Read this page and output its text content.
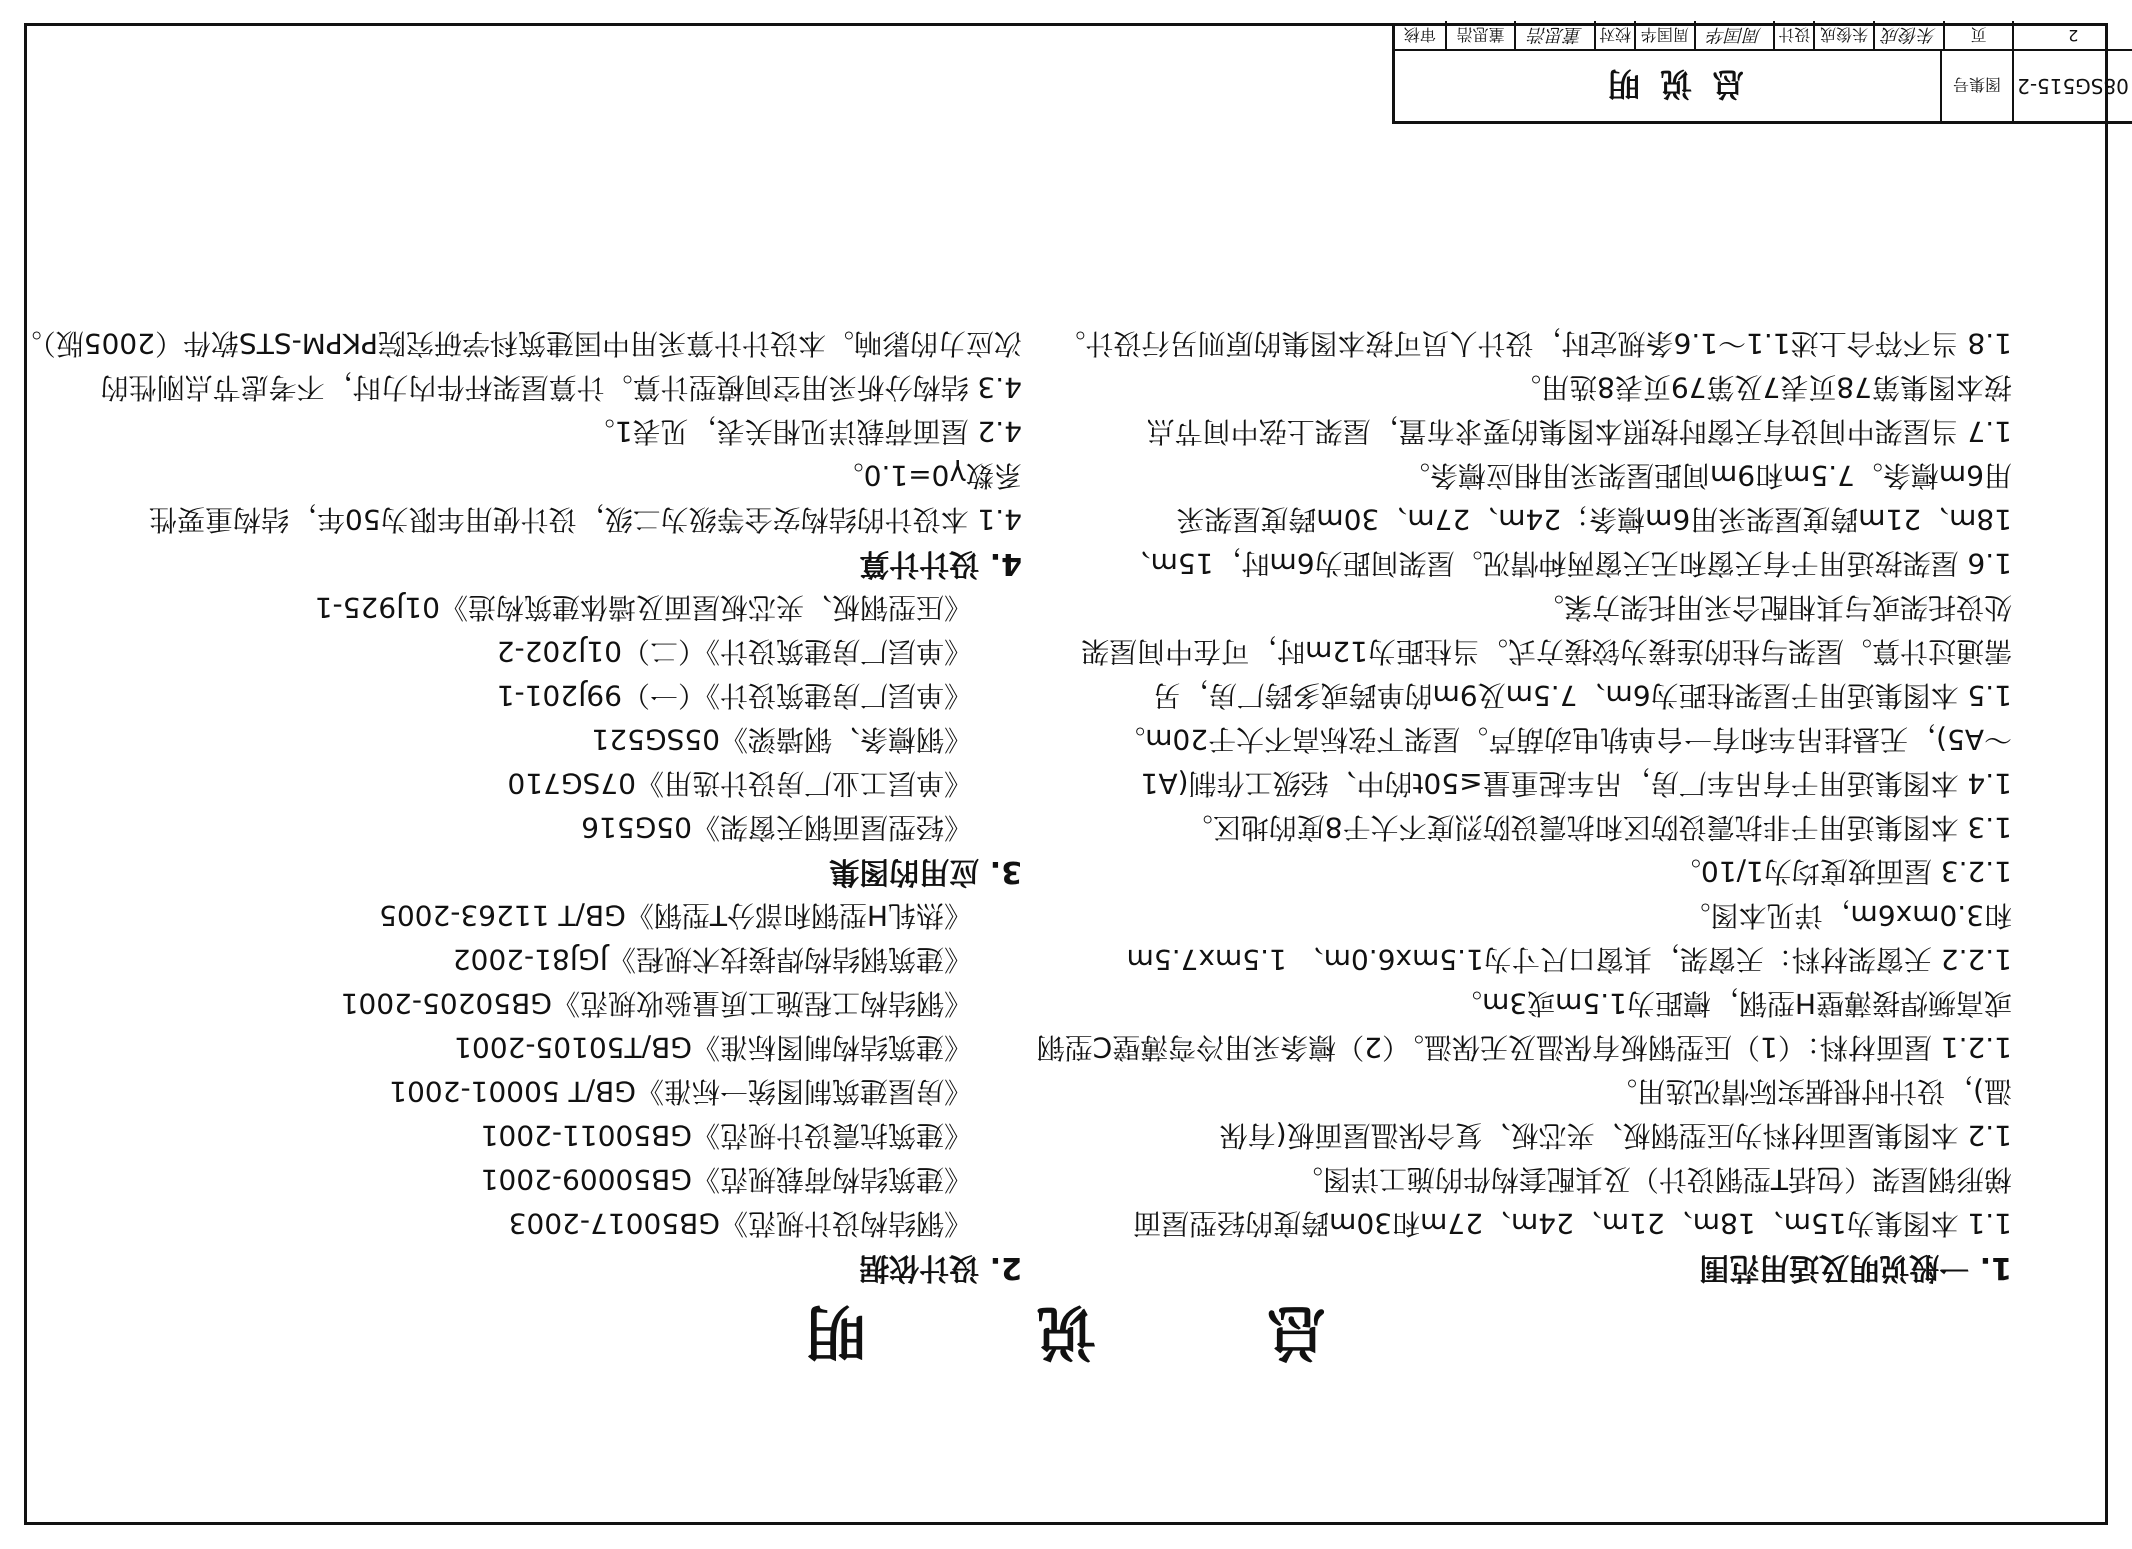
总说明
1. 一般说明及适用范围
1.1 本图集为15m、18m、21m、24m、27m和30m跨度的轻型屋面
梯形钢屋架（包括T型钢设计）及其配套构件的施工详图。
1.2 本图集屋面材料为压型钢板、夹芯板、复合保温屋面板(有保
温)，设计时根据实际情况选用。
1.2.1 屋面材料：（1）压型钢板有保温及无保温。（2）檩条采用冷弯薄壁C型钢
或高频焊接薄壁H型钢，檩距为1.5m或3m。
1.2.2 天窗架材料：天窗架，其窗口尺寸为1.5mx6.0m、 1.5mx7.5m
和3.0mx6m，详见本图。
1.2.3 屋面坡度均为1/10。
1.3 本图集适用于非抗震设防区和抗震设防烈度不大于8度的地区。
1.4 本图集适用于有吊车厂房，吊车起重量≤50t的中、轻级工作制(A1
～A5)，无悬挂吊车和有一台单轨电动葫芦。屋架下弦标高不大于20m。
1.5 本图集适用于屋架柱距为6m、7.5m及9m的单跨或多跨厂房，另
需通过计算。屋架与柱的连接为铰接方式。当柱距为12m时，可在中间屋架
处设托架或与其相配合采用托架方案。
1.6 屋架按适用于有天窗和无天窗两种情况。屋架间距为6m时，15m、
18m、21m跨度屋架采用6m檩条；24m、27m、30m跨度屋架采
用6m檩条。7.5m和9m间距屋架采用相应檩条。
1.7 当屋架中间设有天窗时按照本图集的要求布置，屋架上弦中间节点
按本图集第78页表7及第79页表8选用。
1.8 当不符合上述1.1～1.6条规定时，设计人员可按本图集的原则另行设计。
2. 设计依据
《钢结构设计规范》GB50017-2003
《建筑结构荷载规范》GB50009-2001
《建筑抗震设计规范》GB50011-2001
《房屋建筑制图统一标准》GB/T 50001-2001
《建筑结构制图标准》GB/T50105-2001
《钢结构工程施工质量验收规范》GB50205-2001
《建筑钢结构焊接技术规程》JGJ81-2002
《热轧H型钢和部分T型钢》GB/T 11263-2005
3. 应用的图集
《轻型屋面钢天窗架》05G516
《单层工业厂房设计选用》07SG710
《钢檩条、钢墙梁》05SG521
《单层厂房建筑设计》（一）99J201-1
《单层厂房建筑设计》（二）01J202-2
《压型钢板、夹芯板屋面及墙体建筑构造》01J925-1
4. 设计计算
4.1 本设计的结构安全等级为二级，设计使用年限为50年，结构重要性
系数γ0=1.0。
4.2 屋面荷载详见相关表，见表1。
4.3 结构分析采用空间模型计算。计算屋架杆件内力时，不考虑节点刚性的
次应力的影响。本设计计算采用中国建筑科学研究院PKPM-STS软件（2005版）。
08SG515-2
图集号
总说明
2
页
朱俊成
朱俊成
设计
周国华
周国华
校对
董思浩
董思浩
审核
